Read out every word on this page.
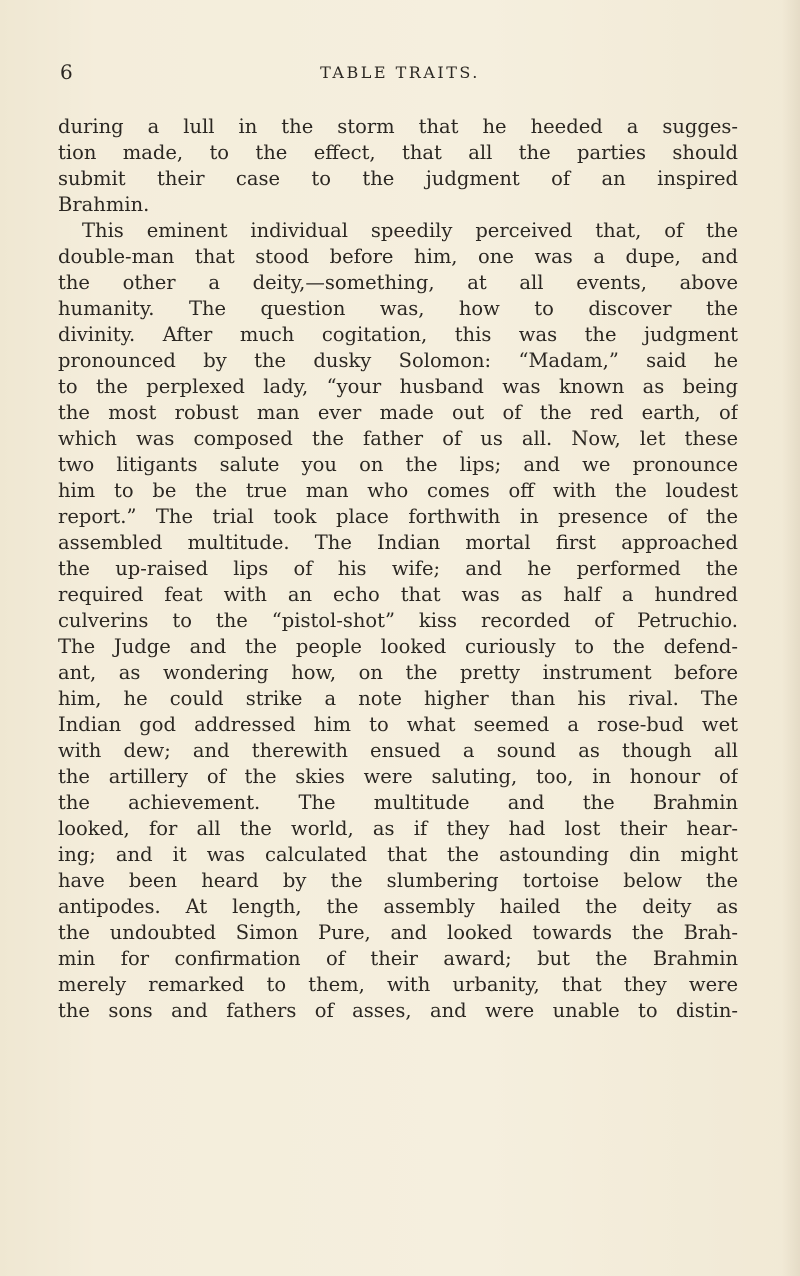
6	TABLE TRAITS.
during a lull in the storm that he heeded a sugges-
tion made, to the effect, that all the parties should
submit their case to the judgment of an inspired
Brahmin.
This eminent individual speedily perceived that, of the
double-man that stood before him, one was a dupe, and
the other a deity,—something, at all events, above
humanity. The question was, how to discover the
divinity. After much cogitation, this was the judgment
pronounced by the dusky Solomon: “Madam,” said he
to the perplexed lady, “your husband was known as being
the most robust man ever made out of the red earth, of
which was composed the father of us all. Now, let these
two litigants salute you on the lips; and we pronounce
him to be the true man who comes off with the loudest
report.” The trial took place forthwith in presence of the
assembled multitude. The Indian mortal first approached
the up-raised lips of his wife; and he performed the
required feat with an echo that was as half a hundred
culverins to the “pistol-shot” kiss recorded of Petruchio.
The Judge and the people looked curiously to the defend-
ant, as wondering how, on the pretty instrument before
him, he could strike a note higher than his rival. The
Indian god addressed him to what seemed a rose-bud wet
with dew; and therewith ensued a sound as though all
the artillery of the skies were saluting, too, in honour of
the achievement. The multitude and the Brahmin
looked, for all the world, as if they had lost their hear-
ing; and it was calculated that the astounding din might
have been heard by the slumbering tortoise below the
antipodes. At length, the assembly hailed the deity as
the undoubted Simon Pure, and looked towards the Brah-
min for confirmation of their award; but the Brahmin
merely remarked to them, with urbanity, that they were
the sons and fathers of asses, and were unable to distin-
